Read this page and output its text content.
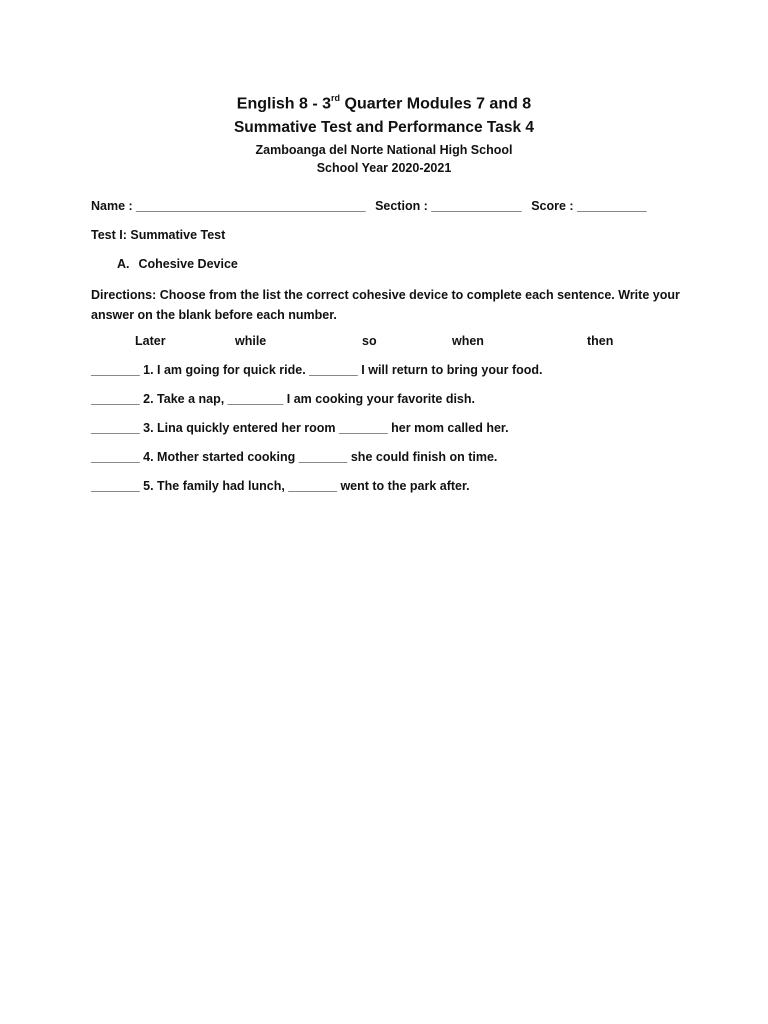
English 8 - 3rd Quarter Modules 7 and 8
Summative Test and Performance Task 4
Zamboanga del Norte National High School
School Year 2020-2021
Name : _________________________________ Section : _____________ Score : __________
Test I: Summative Test
A. Cohesive Device
Directions: Choose from the list the correct cohesive device to complete each sentence. Write your answer on the blank before each number.
Later	while	so	when	then
_______ 1. I am going for quick ride. _______ I will return to bring your food.
_______ 2. Take a nap, ________ I am cooking your favorite dish.
_______ 3. Lina quickly entered her room _______ her mom called her.
_______ 4. Mother started cooking _______ she could finish on time.
_______ 5. The family had lunch, _______ went to the park after.
